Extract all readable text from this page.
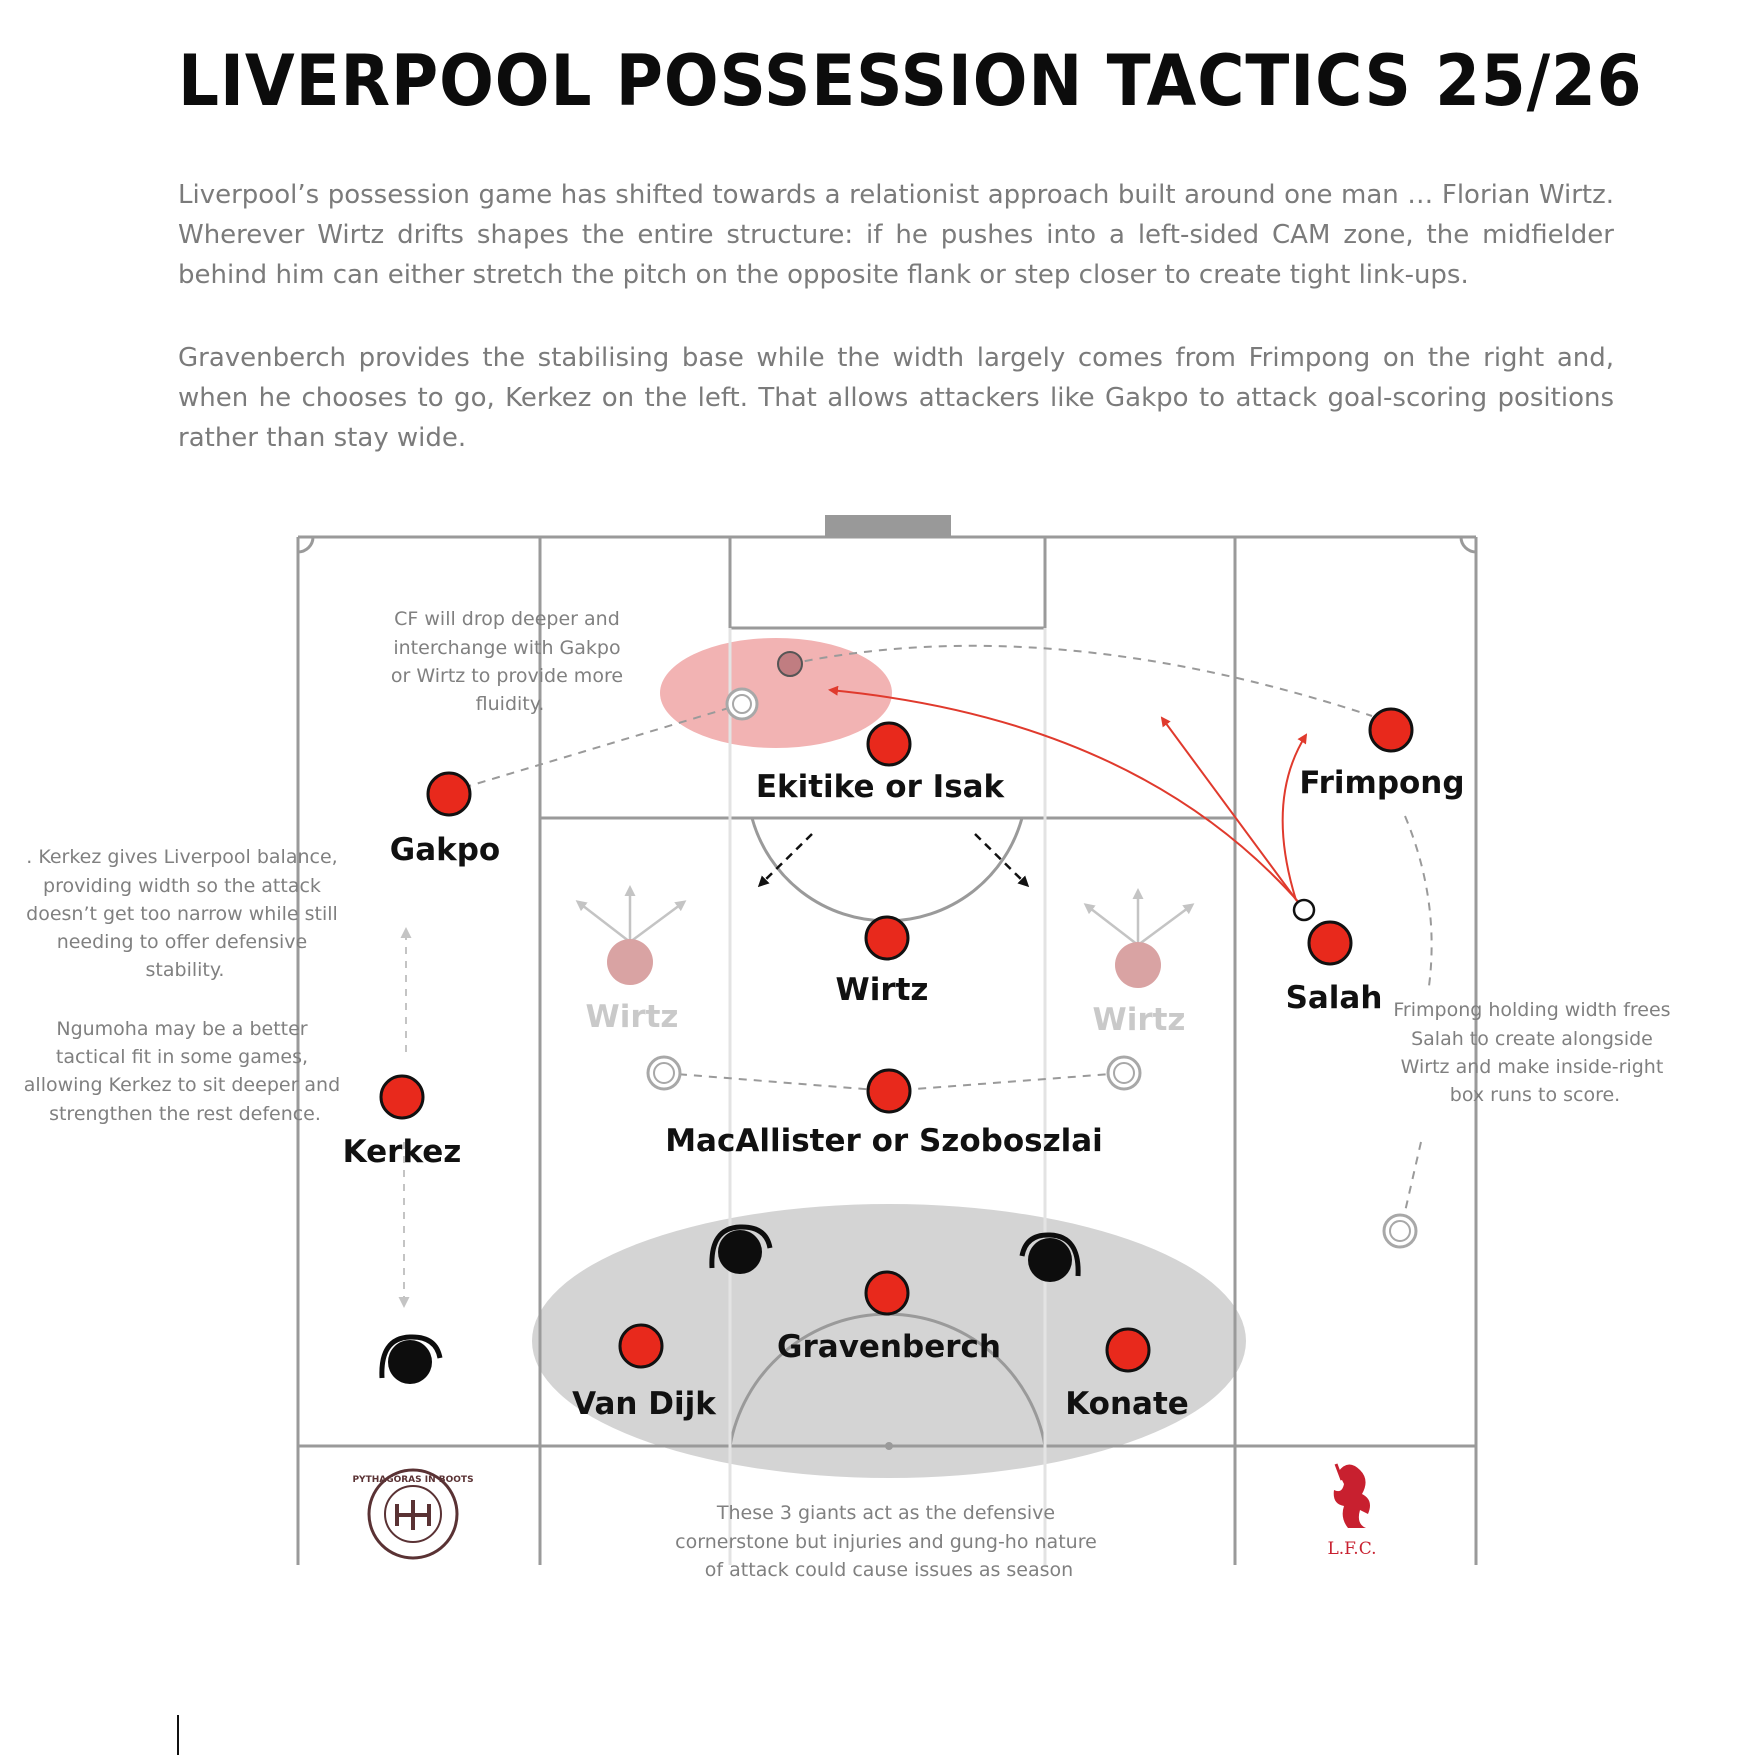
LIVERPOOL POSSESSION TACTICS 25/26

Liverpool’s possession game has shifted towards a relationist approach built around one man … Florian Wirtz. Wherever Wirtz drifts shapes the entire structure: if he pushes into a left-sided CAM zone, the midfielder behind him can either stretch the pitch on the opposite flank or step closer to create tight link-ups.

Gravenberch provides the stabilising base while the width largely comes from Frimpong on the right and, when he chooses to go, Kerkez on the left. That allows attackers like Gakpo to attack goal-scoring positions rather than stay wide.

Gakpo
Ekitike or Isak	Frimpong
Wirtz	Salah
MacAllister or Szoboszlai
Kerkez
Gravenberch
Van Dijk	Konate
Wirtz	Wirtz
CF will drop deeper and interchange with Gakpo or Wirtz to provide more fluidity.
. Kerkez gives Liverpool balance, providing width so the attack doesn’t get too narrow while still needing to offer defensive stability.
Ngumoha may be a better tactical fit in some games, allowing Kerkez to sit deeper and strengthen the rest defence.
Frimpong holding width frees Salah to create alongside Wirtz and make inside-right box runs to score.
These 3 giants act as the defensive cornerstone but injuries and gung-ho nature of attack could cause issues as season
PYTHAGORAS IN BOOTS
L.F.C.
